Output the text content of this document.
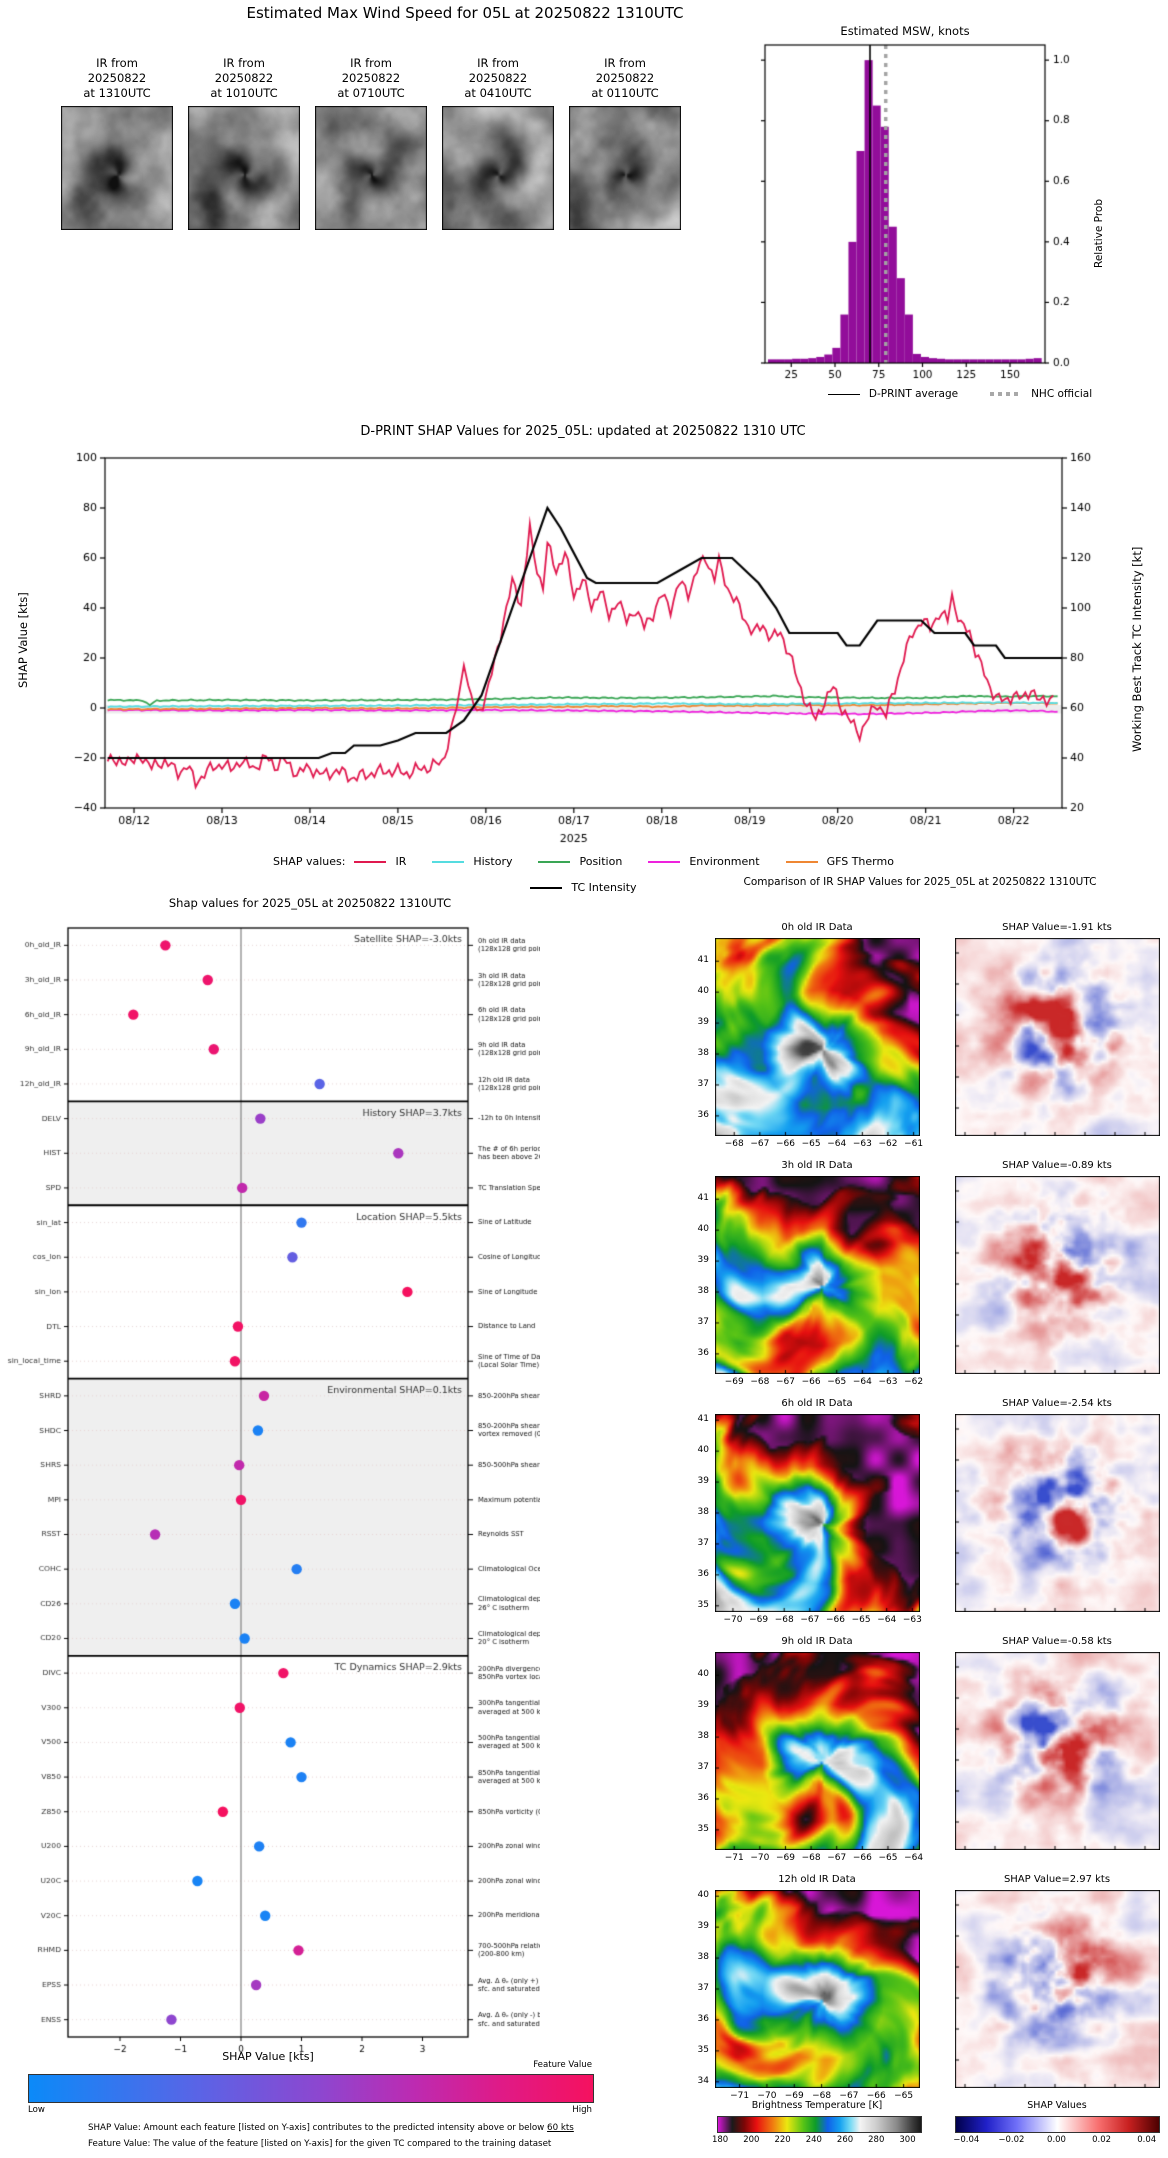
Estimated Max Wind Speed for 05L at 20250822 1310UTC
Estimated MSW, knots
Relative Prob
D-PRINT average	NHC official
D-PRINT SHAP Values for 2025_05L: updated at 20250822 1310 UTC
SHAP Value [kts]	Working Best Track TC Intensity [kt]
SHAP values:	IR	History	Position	Environment	GFS Thermo
TC Intensity
Shap values for 2025_05L at 20250822 1310UTC
SHAP Value [kts]
Feature Value
Low	High
SHAP Value: Amount each feature [listed on Y-axis] contributes to the predicted intensity above or below 60 kts
Feature Value: The value of the feature [listed on Y-axis] for the given TC compared to the training dataset
Comparison of IR SHAP Values for 2025_05L at 20250822 1310UTC
Brightness Temperature [K]	SHAP Values
IR from
20250822
at 1310UTC
IR from
20250822
at 1010UTC
IR from
20250822
at 0710UTC
IR from
20250822
at 0410UTC
IR from
20250822
at 0110UTC
0h old IR Data	SHAP Value=-1.91 kts
41
40
39
38
37
36
−68 −67 −66 −65 −64 −63 −62 −61
3h old IR Data	SHAP Value=-0.89 kts
41
40
39
38
37
36
−69 −68 −67 −66 −65 −64 −63 −62
6h old IR Data	SHAP Value=-2.54 kts
41
40
39
38
37
36
35
−70 −69 −68 −67 −66 −65 −64 −63
9h old IR Data	SHAP Value=-0.58 kts
40
39
38
37
36
35
−71 −70 −69 −68 −67 −66 −65 −64
12h old IR Data	SHAP Value=2.97 kts
40
39
38
37
36
35
34
−71 −70 −69 −68 −67 −66 −65
180 200 220 240 260 280 300	−0.04 −0.02	0.00	0.02	0.04
